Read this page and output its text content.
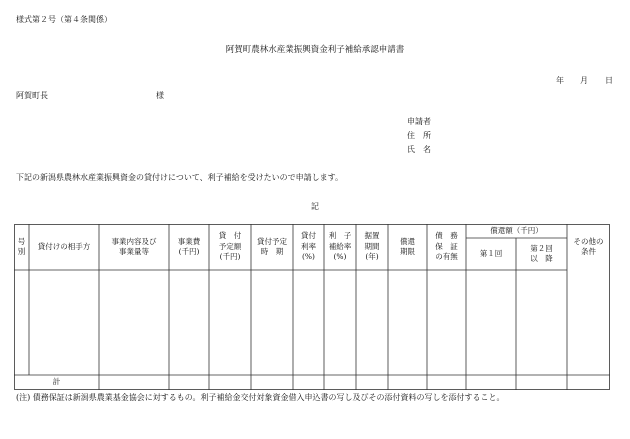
様式第２号（第４条関係）
阿賀町農林水産業振興資金利子補給承認申請書
年 月 日
阿賀町長	様
申請者
住　所
氏　名
下記の新潟県農林水産業振興資金の貸付けについて、利子補給を受けたいので申請します。
記
号
別
貸付けの相手方
事業内容及び
事業量等
事業費
(千円)
貸　付
予定額
(千円)
貸付予定
時　期
貸付
利率
(%)
利　子
補給率
(%)
据置
期間
(年)
償還
期限
債　務
保　証
の有無
償還額（千円）
第１回
第２回
以　降
その他の
条件
計
(注) 債務保証は新潟県農業基金協会に対するもの。利子補給金交付対象資金借入申込書の写し及びその添付資料の写しを添付すること。
